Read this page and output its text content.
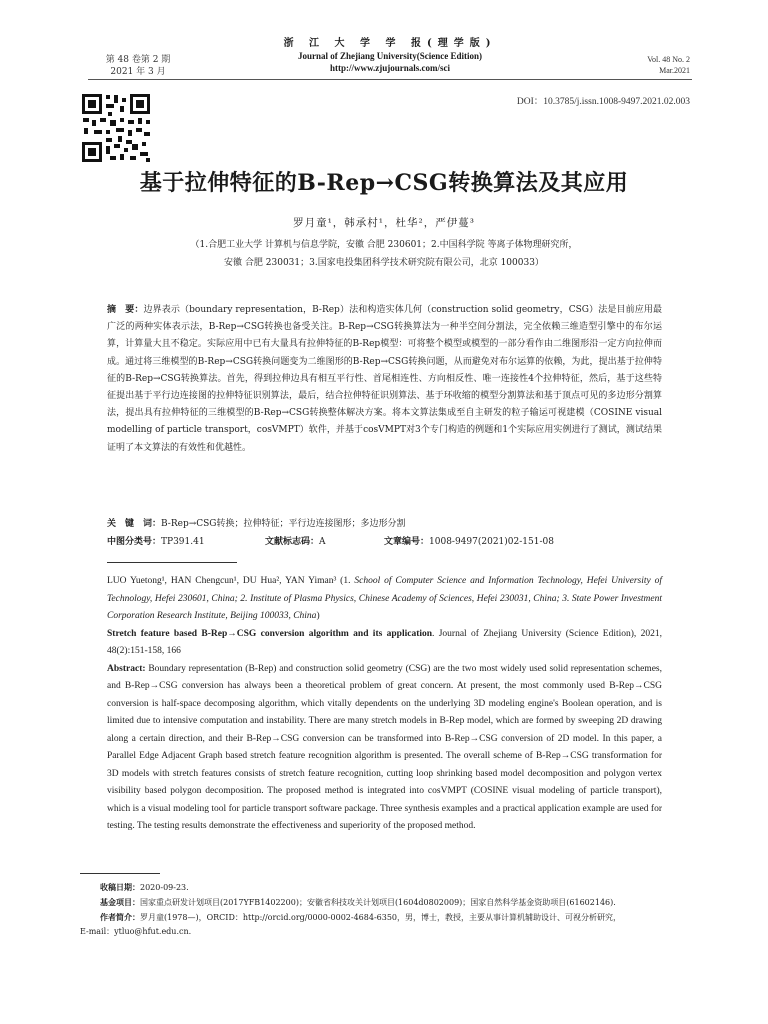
第 48 卷第 2 期
2021 年 3 月
浙 江 大 学 学 报(理学版)
Journal of Zhejiang University(Science Edition)
http://www.zjujournals.com/sci
Vol. 48 No. 2
Mar.2021
DOI：10.3785/j.issn.1008-9497.2021.02.003
基于拉伸特征的B-Rep→CSG转换算法及其应用
罗月童¹，韩承村¹，杜华²，严伊蔓³
（1.合肥工业大学 计算机与信息学院，安徽 合肥 230601；2.中国科学院 等离子体物理研究所，
安徽 合肥 230031；3.国家电投集团科学技术研究院有限公司，北京 100033）
摘　要：边界表示（boundary representation，B-Rep）法和构造实体几何（construction solid geometry，CSG）法是目前应用最广泛的两种实体表示法，B-Rep→CSG转换也备受关注。B-Rep→CSG转换算法为一种半空间分割法，完全依赖三维造型引擎中的布尔运算，计算量大且不稳定。实际应用中已有大量具有拉伸特征的B-Rep模型：可将整个模型或模型的一部分看作由二维图形沿一定方向拉伸而成。通过将三维模型的B-Rep→CSG转换问题变为二维图形的B-Rep→CSG转换问题，从而避免对布尔运算的依赖，为此，提出基于拉伸特征的B-Rep→CSG转换算法。首先，得到拉伸边具有相互平行性、首尾相连性、方向相反性、唯一连接性4个拉伸特征，然后，基于这些特征提出基于平行边连接图的拉伸特征识别算法，最后，结合拉伸特征识别算法、基于环收缩的模型分割算法和基于顶点可见的多边形分割算法，提出具有拉伸特征的三维模型的B-Rep→CSG转换整体解决方案。将本文算法集成至自主研发的粒子输运可视建模（COSINE visual modelling of particle transport，cosVMPT）软件，并基于cosVMPT对3个专门构造的例题和1个实际应用实例进行了测试，测试结果证明了本文算法的有效性和优越性。
关　键　词：B-Rep→CSG转换；拉伸特征；平行边连接图形；多边形分割
中图分类号：TP391.41	文献标志码：A	文章编号：1008-9497(2021)02-151-08
LUO Yuetong¹, HAN Chengcun¹, DU Hua², YAN Yiman³ (1. School of Computer Science and Information Technology, Hefei University of Technology, Hefei 230601, China; 2. Institute of Plasma Physics, Chinese Academy of Sciences, Hefei 230031, China; 3. State Power Investment Corporation Research Institute, Beijing 100033, China)
Stretch feature based B-Rep→CSG conversion algorithm and its application. Journal of Zhejiang University (Science Edition), 2021, 48(2):151-158, 166
Abstract: Boundary representation (B-Rep) and construction solid geometry (CSG) are the two most widely used solid representation schemes, and B-Rep→CSG conversion has always been a theoretical problem of great concern. At present, the most commonly used B-Rep→CSG conversion is half-space decomposing algorithm, which vitally dependents on the underlying 3D modeling engine's Boolean operation, and is limited due to intensive computation and instability. There are many stretch models in B-Rep model, which are formed by sweeping 2D drawing along a certain direction, and their B-Rep→CSG conversion can be transformed into B-Rep→CSG conversion of 2D model. In this paper, a Parallel Edge Adjacent Graph based stretch feature recognition algorithm is presented. The overall scheme of B-Rep→CSG transformation for 3D models with stretch features consists of stretch feature recognition, cutting loop shrinking based model decomposition and polygon vertex visibility based polygon decomposition. The proposed method is integrated into cosVMPT (COSINE visual modeling of particle transport), which is a visual modeling tool for particle transport software package. Three synthesis examples and a practical application example are used for testing. The testing results demonstrate the effectiveness and superiority of the proposed method.

收稿日期：2020-09-23.

基金项目：国家重点研发计划项目(2017YFB1402200)；安徽省科技攻关计划项目(1604d0802009)；国家自然科学基金资助项目(61602146).

作者简介：罗月童(1978—)，ORCID：http://orcid.org/0000-0002-4684-6350，男，博士，教授，主要从事计算机辅助设计、可视分析研究，

E-mail：ytluo@hfut.edu.cn.
